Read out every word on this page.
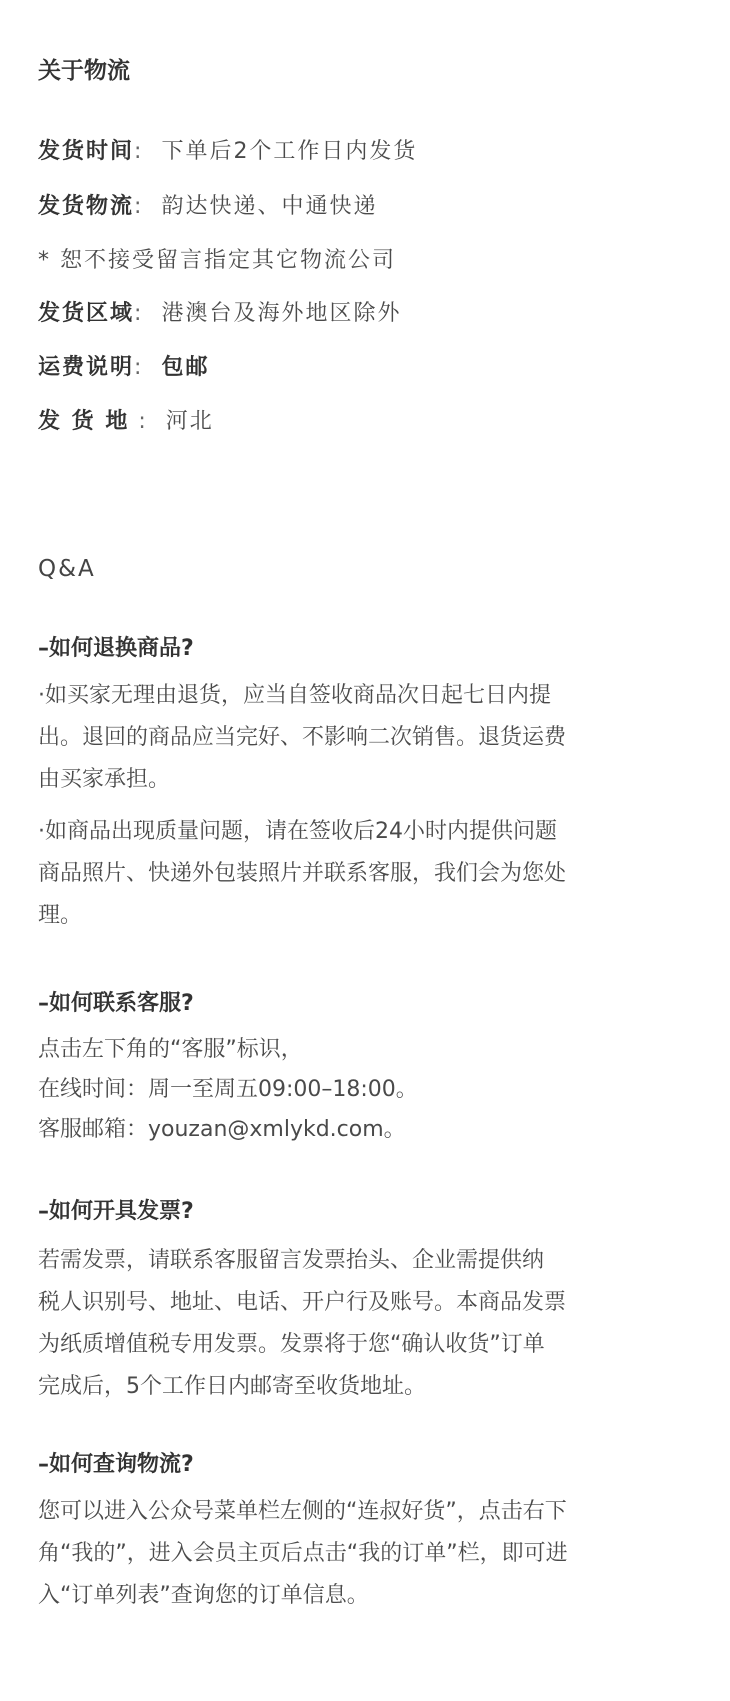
关于物流
发货时间: 下单后2个工作日内发货
发货物流: 韵达快递、中通快递
* 恕不接受留言指定其它物流公司
发货区域: 港澳台及海外地区除外
运费说明: 包邮
发 货 地 : 河北
Q&A
–如何退换商品?
·如买家无理由退货，应当自签收商品次日起七日内提
出。退回的商品应当完好、不影响二次销售。退货运费
由买家承担。
·如商品出现质量问题，请在签收后24小时内提供问题
商品照片、快递外包装照片并联系客服，我们会为您处
理。
–如何联系客服?
点击左下角的“客服”标识，
在线时间：周一至周五09:00–18:00。
客服邮箱：youzan@xmlykd.com。
–如何开具发票?
若需发票，请联系客服留言发票抬头、企业需提供纳
税人识别号、地址、电话、开户行及账号。本商品发票
为纸质增值税专用发票。发票将于您“确认收货”订单
完成后，5个工作日内邮寄至收货地址。
–如何查询物流?
您可以进入公众号菜单栏左侧的“连叔好货”，点击右下
角“我的”，进入会员主页后点击“我的订单”栏，即可进
入“订单列表”查询您的订单信息。
